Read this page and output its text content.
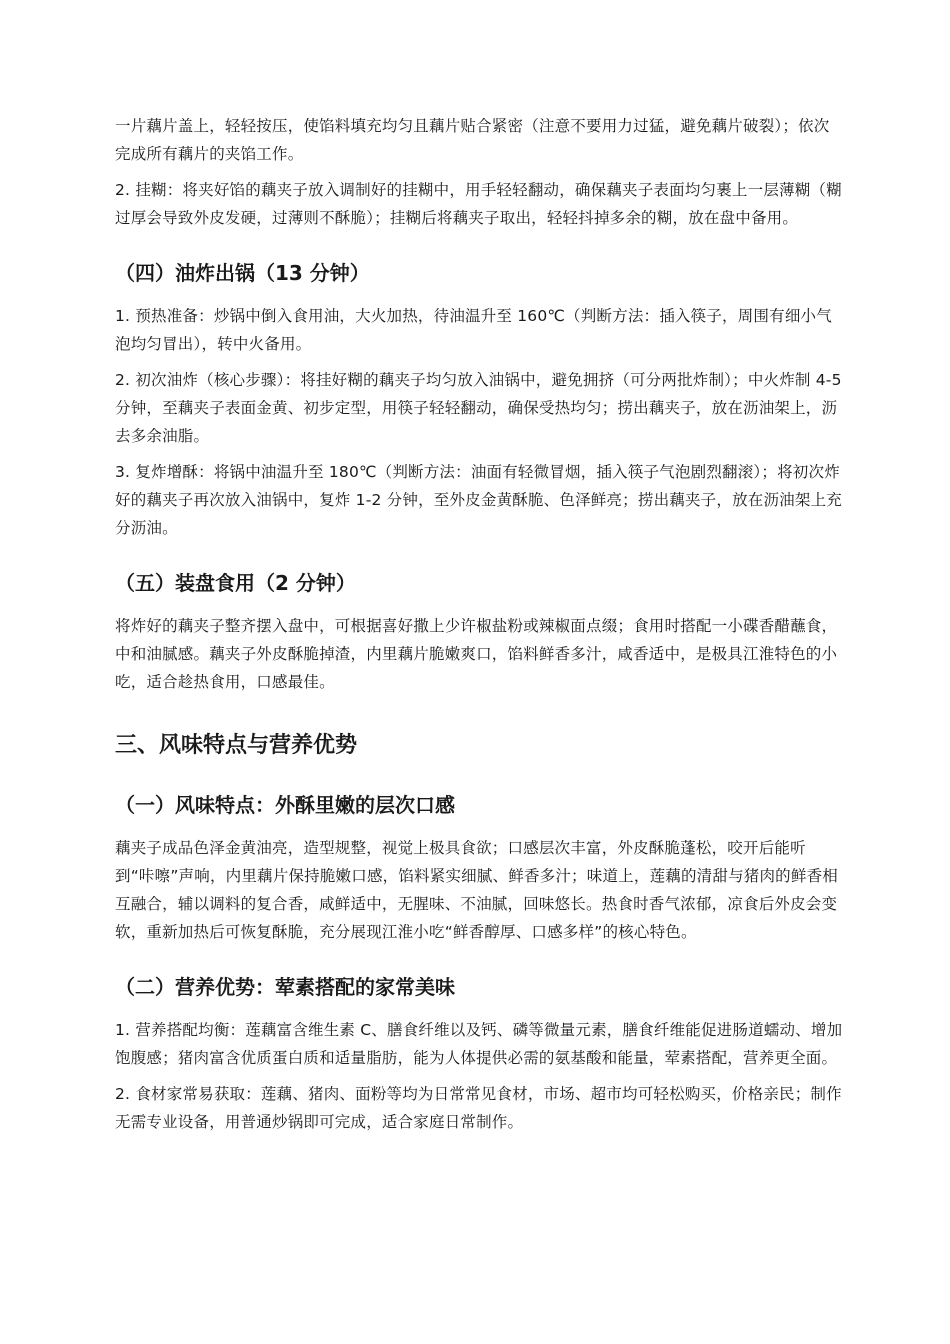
一片藕片盖上，轻轻按压，使馅料填充均匀且藕片贴合紧密（注意不要用力过猛，避免藕片破裂）；依次完成所有藕片的夹馅工作。

2. 挂糊：将夹好馅的藕夹子放入调制好的挂糊中，用手轻轻翻动，确保藕夹子表面均匀裹上一层薄糊（糊过厚会导致外皮发硬，过薄则不酥脆）；挂糊后将藕夹子取出，轻轻抖掉多余的糊，放在盘中备用。

（四）油炸出锅（13 分钟）

1. 预热准备：炒锅中倒入食用油，大火加热，待油温升至 160℃（判断方法：插入筷子，周围有细小气泡均匀冒出），转中火备用。

2. 初次油炸（核心步骤）：将挂好糊的藕夹子均匀放入油锅中，避免拥挤（可分两批炸制）；中火炸制 4-5 分钟，至藕夹子表面金黄、初步定型，用筷子轻轻翻动，确保受热均匀；捞出藕夹子，放在沥油架上，沥去多余油脂。

3. 复炸增酥：将锅中油温升至 180℃（判断方法：油面有轻微冒烟，插入筷子气泡剧烈翻滚）；将初次炸好的藕夹子再次放入油锅中，复炸 1-2 分钟，至外皮金黄酥脆、色泽鲜亮；捞出藕夹子，放在沥油架上充分沥油。

（五）装盘食用（2 分钟）

将炸好的藕夹子整齐摆入盘中，可根据喜好撒上少许椒盐粉或辣椒面点缀；食用时搭配一小碟香醋蘸食，中和油腻感。藕夹子外皮酥脆掉渣，内里藕片脆嫩爽口，馅料鲜香多汁，咸香适中，是极具江淮特色的小吃，适合趁热食用，口感最佳。

三、风味特点与营养优势
（一）风味特点：外酥里嫩的层次口感

藕夹子成品色泽金黄油亮，造型规整，视觉上极具食欲；口感层次丰富，外皮酥脆蓬松，咬开后能听到“咔嚓”声响，内里藕片保持脆嫩口感，馅料紧实细腻、鲜香多汁；味道上，莲藕的清甜与猪肉的鲜香相互融合，辅以调料的复合香，咸鲜适中，无腥味、不油腻，回味悠长。热食时香气浓郁，凉食后外皮会变软，重新加热后可恢复酥脆，充分展现江淮小吃“鲜香醇厚、口感多样”的核心特色。

（二）营养优势：荤素搭配的家常美味

1. 营养搭配均衡：莲藕富含维生素 C、膳食纤维以及钙、磷等微量元素，膳食纤维能促进肠道蠕动、增加饱腹感；猪肉富含优质蛋白质和适量脂肪，能为人体提供必需的氨基酸和能量，荤素搭配，营养更全面。

2. 食材家常易获取：莲藕、猪肉、面粉等均为日常常见食材，市场、超市均可轻松购买，价格亲民；制作无需专业设备，用普通炒锅即可完成，适合家庭日常制作。
